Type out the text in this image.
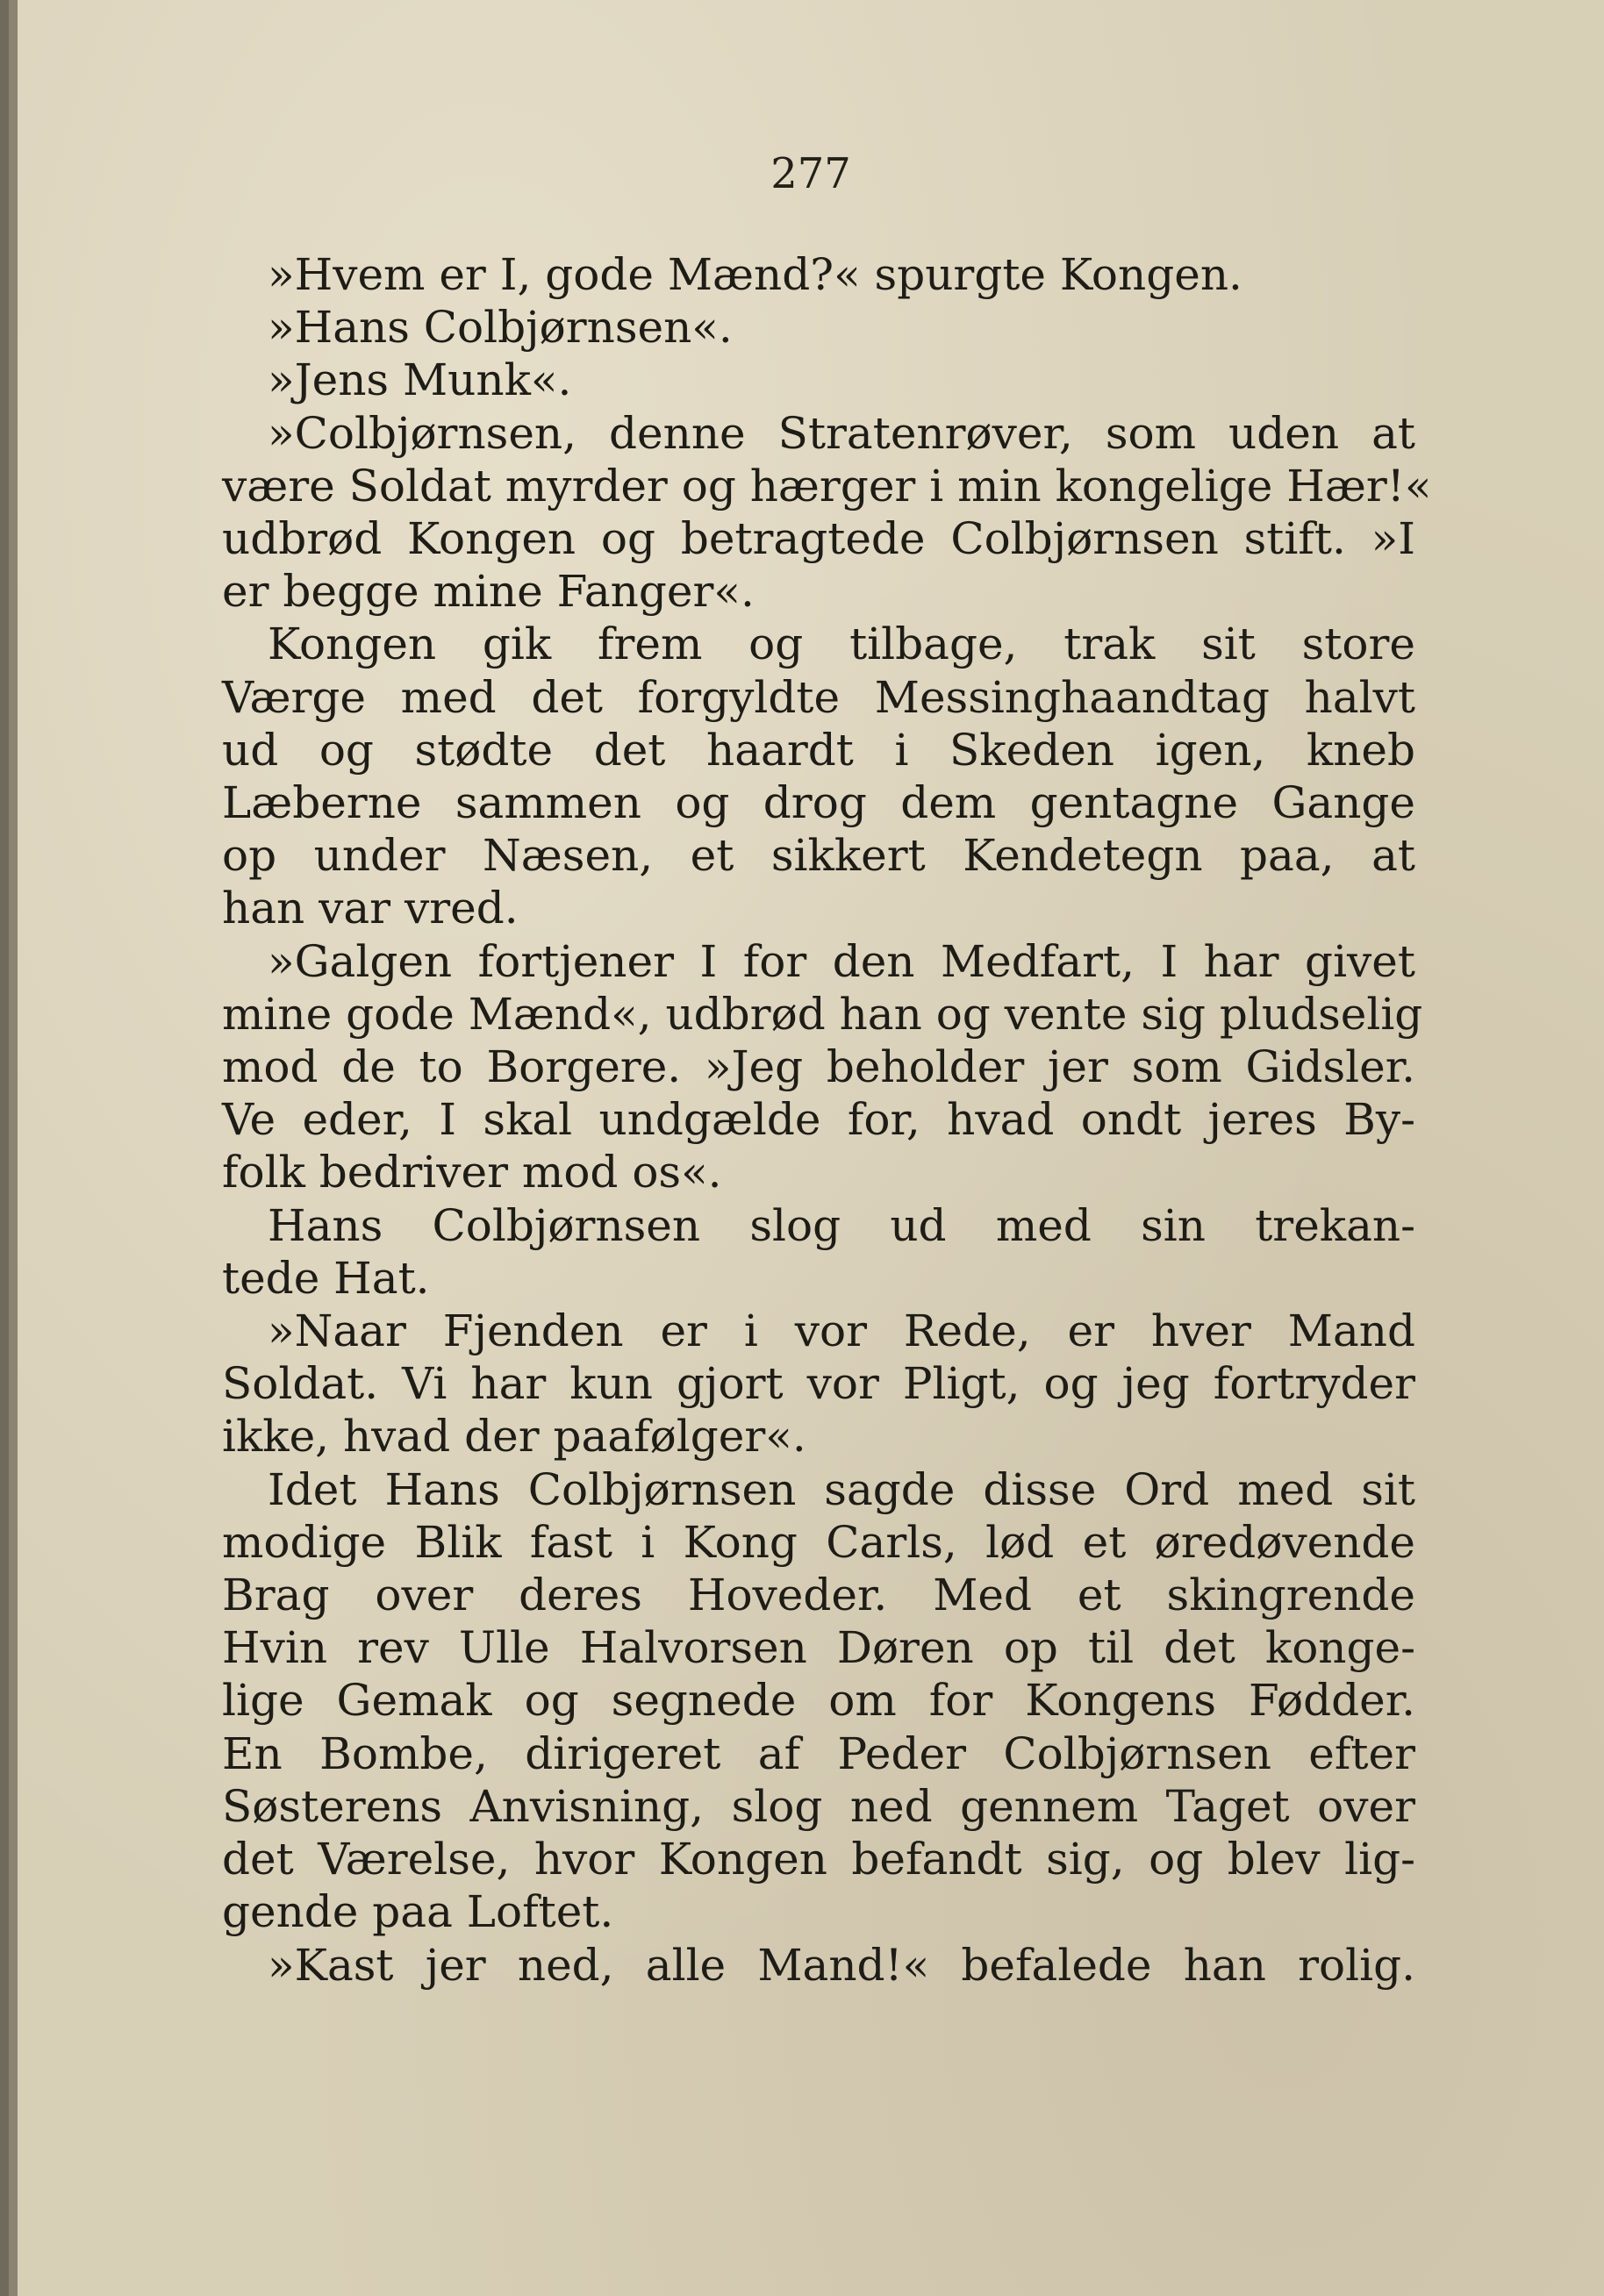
277
»Hvem er I, gode Mænd?« spurgte Kongen.
»Hans Colbjørnsen«.
»Jens Munk«.
»Colbjørnsen, denne Stratenrøver, som uden at
være Soldat myrder og hærger i min kongelige Hær!«
udbrød Kongen og betragtede Colbjørnsen stift. »I
er begge mine Fanger«.
Kongen gik frem og tilbage, trak sit store
Værge med det forgyldte Messinghaandtag halvt
ud og stødte det haardt i Skeden igen, kneb
Læberne sammen og drog dem gentagne Gange
op under Næsen, et sikkert Kendetegn paa, at
han var vred.
»Galgen fortjener I for den Medfart, I har givet
mine gode Mænd«, udbrød han og vente sig pludselig
mod de to Borgere. »Jeg beholder jer som Gidsler.
Ve eder, I skal undgælde for, hvad ondt jeres By-
folk bedriver mod os«.
Hans Colbjørnsen slog ud med sin trekan-
tede Hat.
»Naar Fjenden er i vor Rede, er hver Mand
Soldat. Vi har kun gjort vor Pligt, og jeg fortryder
ikke, hvad der paafølger«.
Idet Hans Colbjørnsen sagde disse Ord med sit
modige Blik fast i Kong Carls, lød et øredøvende
Brag over deres Hoveder. Med et skingrende
Hvin rev Ulle Halvorsen Døren op til det konge-
lige Gemak og segnede om for Kongens Fødder.
En Bombe, dirigeret af Peder Colbjørnsen efter
Søsterens Anvisning, slog ned gennem Taget over
det Værelse, hvor Kongen befandt sig, og blev lig-
gende paa Loftet.
»Kast jer ned, alle Mand!« befalede han rolig.
